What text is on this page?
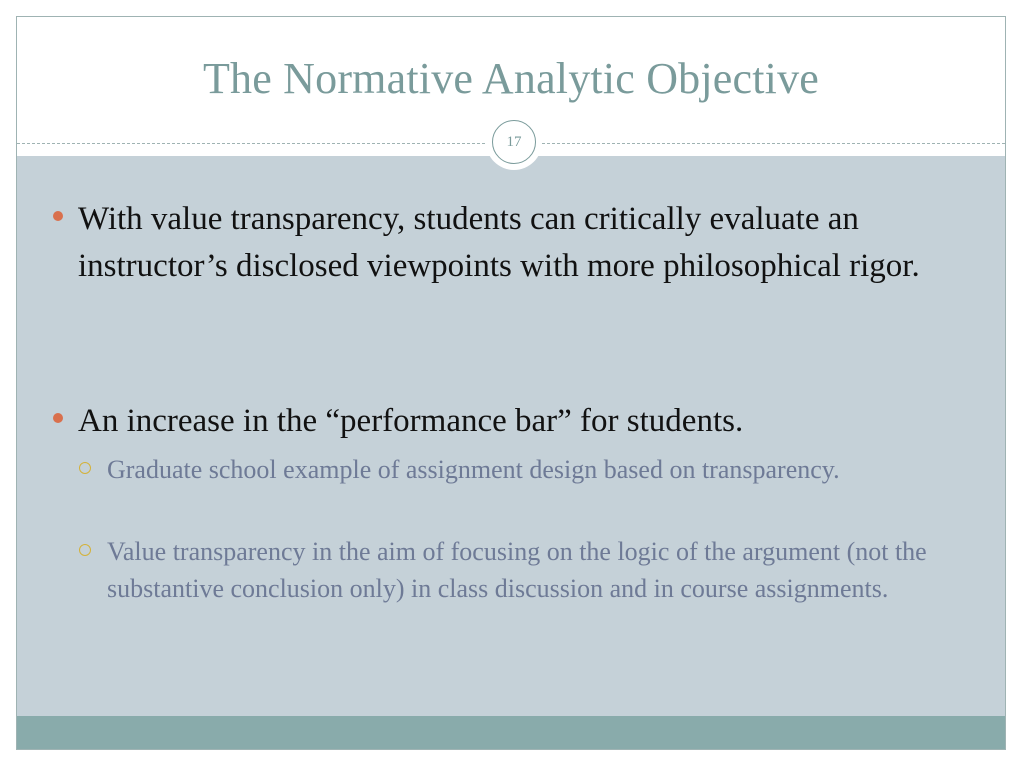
The Normative Analytic Objective
With value transparency, students can critically evaluate an instructor’s disclosed viewpoints with more philosophical rigor.
An increase in the “performance bar” for students.
Graduate school example of assignment design based on transparency.
Value transparency in the aim of focusing on the logic of the argument (not the substantive conclusion only) in class discussion and in course assignments.
17
